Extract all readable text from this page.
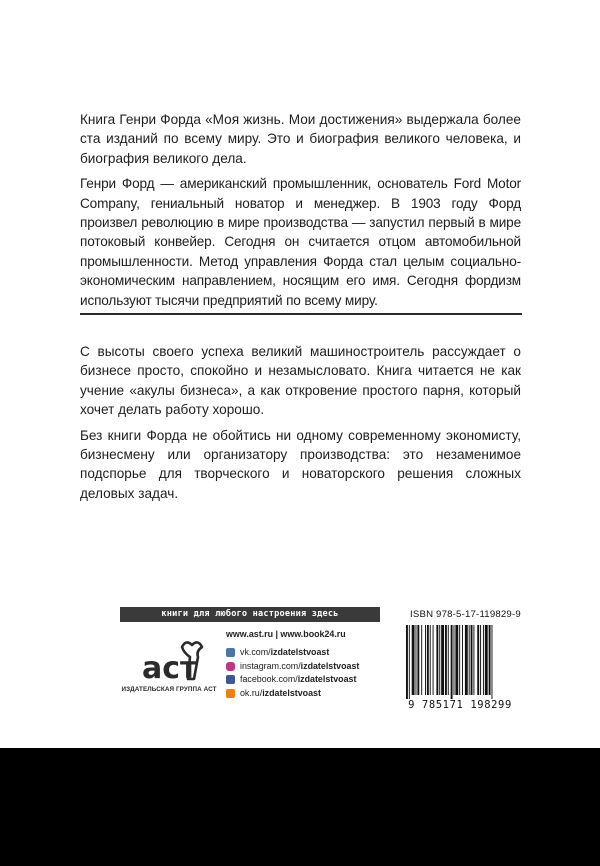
Книга Генри Форда «Моя жизнь. Мои достижения» выдержала более ста изданий по всему миру. Это и биография великого человека, и биография великого дела.

Генри Форд — американский промышленник, основатель Ford Motor Company, гениальный новатор и менеджер. В 1903 году Форд произвел революцию в мире производства — запустил первый в мире потоковый конвейер. Сегодня он считается отцом автомобильной промышленности. Метод управления Форда стал целым социально-экономическим направлением, носящим его имя. Сегодня фордизм используют тысячи предприятий по всему миру.

С высоты своего успеха великий машиностроитель рассуждает о бизнесе просто, спокойно и незамысловато. Книга читается не как учение «акулы бизнеса», а как откровение простого парня, который хочет делать работу хорошо.

Без книги Форда не обойтись ни одному современному экономисту, бизнесмену или организатору производства: это незаменимое подспорье для творческого и новаторского решения сложных деловых задач.

книги для любого настроения здесь
аст
ИЗДАТЕЛЬСКАЯ ГРУППА АСТ
www.ast.ru | www.book24.ru
vk.com/izdatelstvoast
instagram.com/izdatelstvoast
facebook.com/izdatelstvoast
ok.ru/izdatelstvoast
ISBN 978-5-17-119829-9
9 785171 198299
